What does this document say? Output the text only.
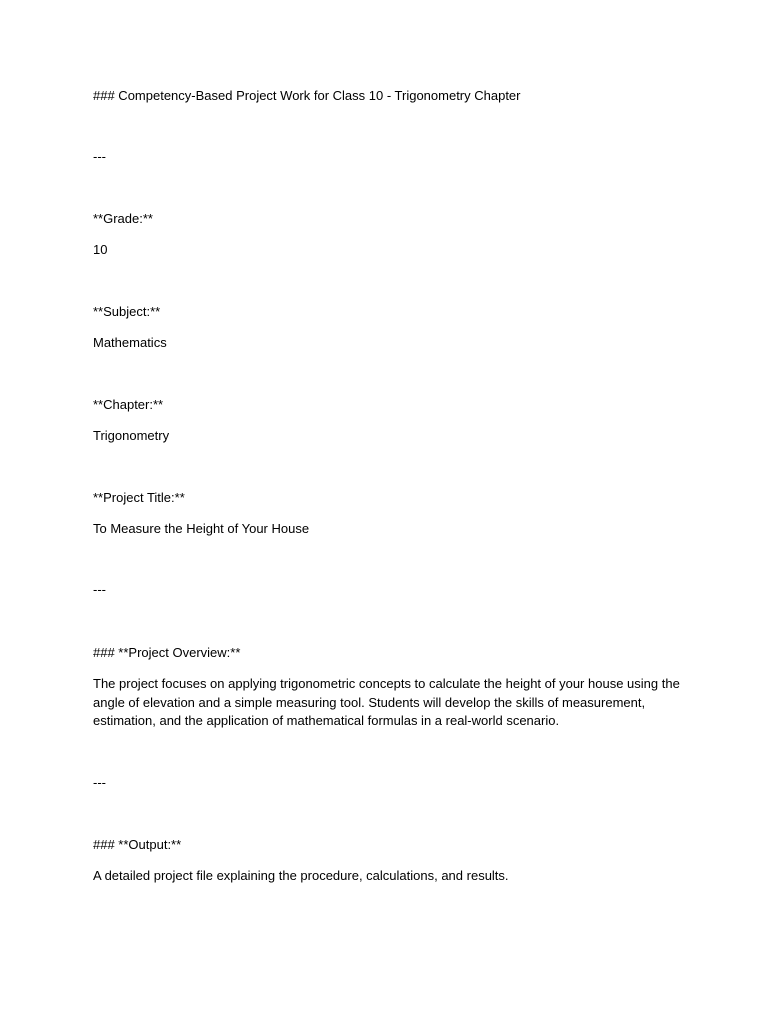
### Competency-Based Project Work for Class 10 - Trigonometry Chapter
---
**Grade:**
10
**Subject:**
Mathematics
**Chapter:**
Trigonometry
**Project Title:**
To Measure the Height of Your House
---
### **Project Overview:**
The project focuses on applying trigonometric concepts to calculate the height of your house using the angle of elevation and a simple measuring tool. Students will develop the skills of measurement, estimation, and the application of mathematical formulas in a real-world scenario.
---
### **Output:**
A detailed project file explaining the procedure, calculations, and results.
